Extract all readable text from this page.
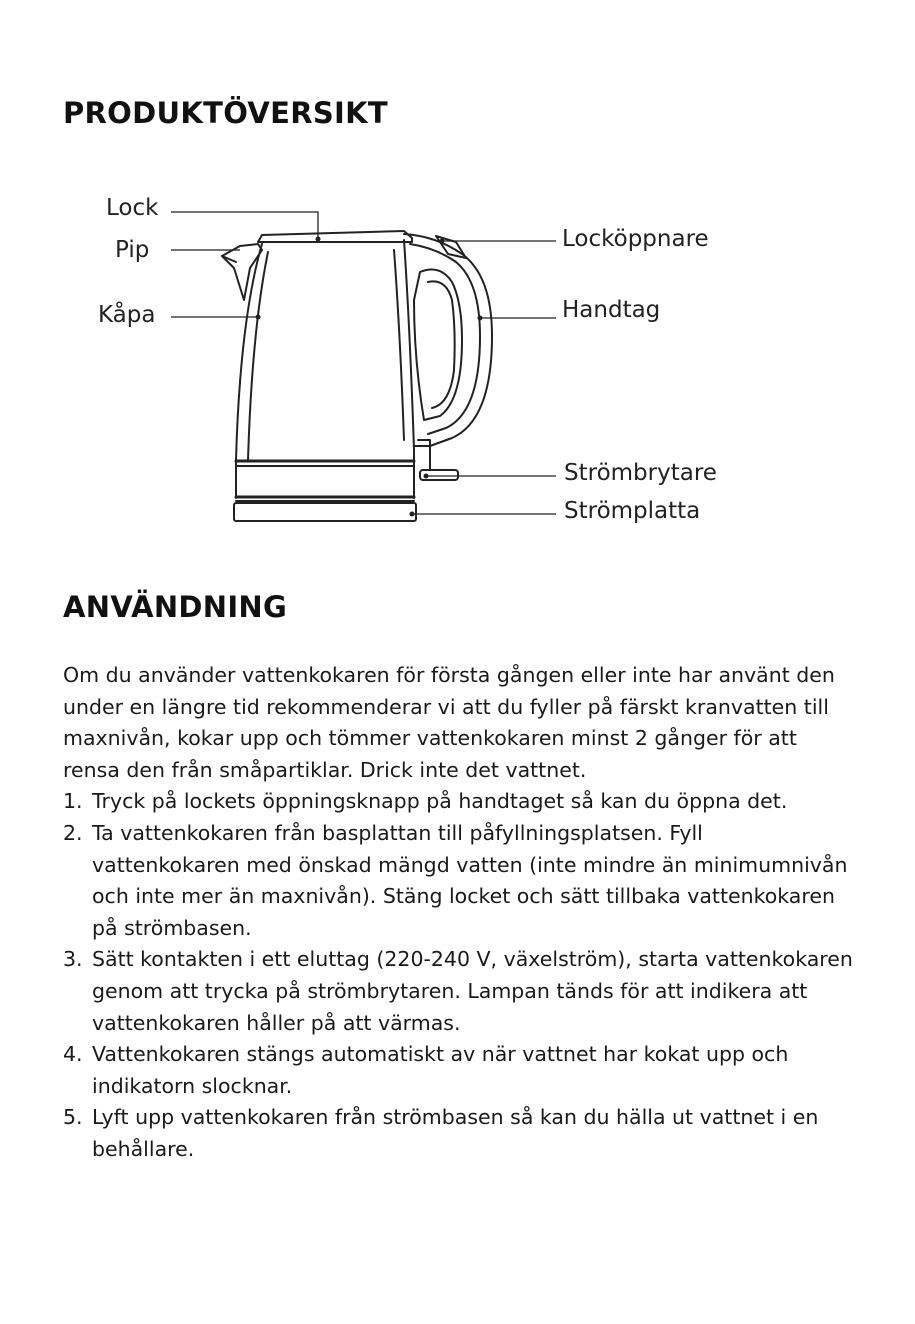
PRODUKTÖVERSIKT
Lock
Pip
Kåpa
Locköppnare
Handtag
Strömbrytare
Strömplatta
ANVÄNDNING

Om du använder vattenkokaren för första gången eller inte har använt den under en längre tid rekommenderar vi att du fyller på färskt kranvatten till maxnivån, kokar upp och tömmer vattenkokaren minst 2 gånger för att rensa den från småpartiklar. Drick inte det vattnet.

1. Tryck på lockets öppningsknapp på handtaget så kan du öppna det.
2. Ta vattenkokaren från basplattan till påfyllningsplatsen. Fyll vattenkokaren med önskad mängd vatten (inte mindre än minimumnivån och inte mer än maxnivån). Stäng locket och sätt tillbaka vattenkokaren på strömbasen.
3. Sätt kontakten i ett eluttag (220-240 V, växelström), starta vattenkokaren genom att trycka på strömbrytaren. Lampan tänds för att indikera att vattenkokaren håller på att värmas.
4. Vattenkokaren stängs automatiskt av när vattnet har kokat upp och indikatorn slocknar.
5. Lyft upp vattenkokaren från strömbasen så kan du hälla ut vattnet i en behållare.
